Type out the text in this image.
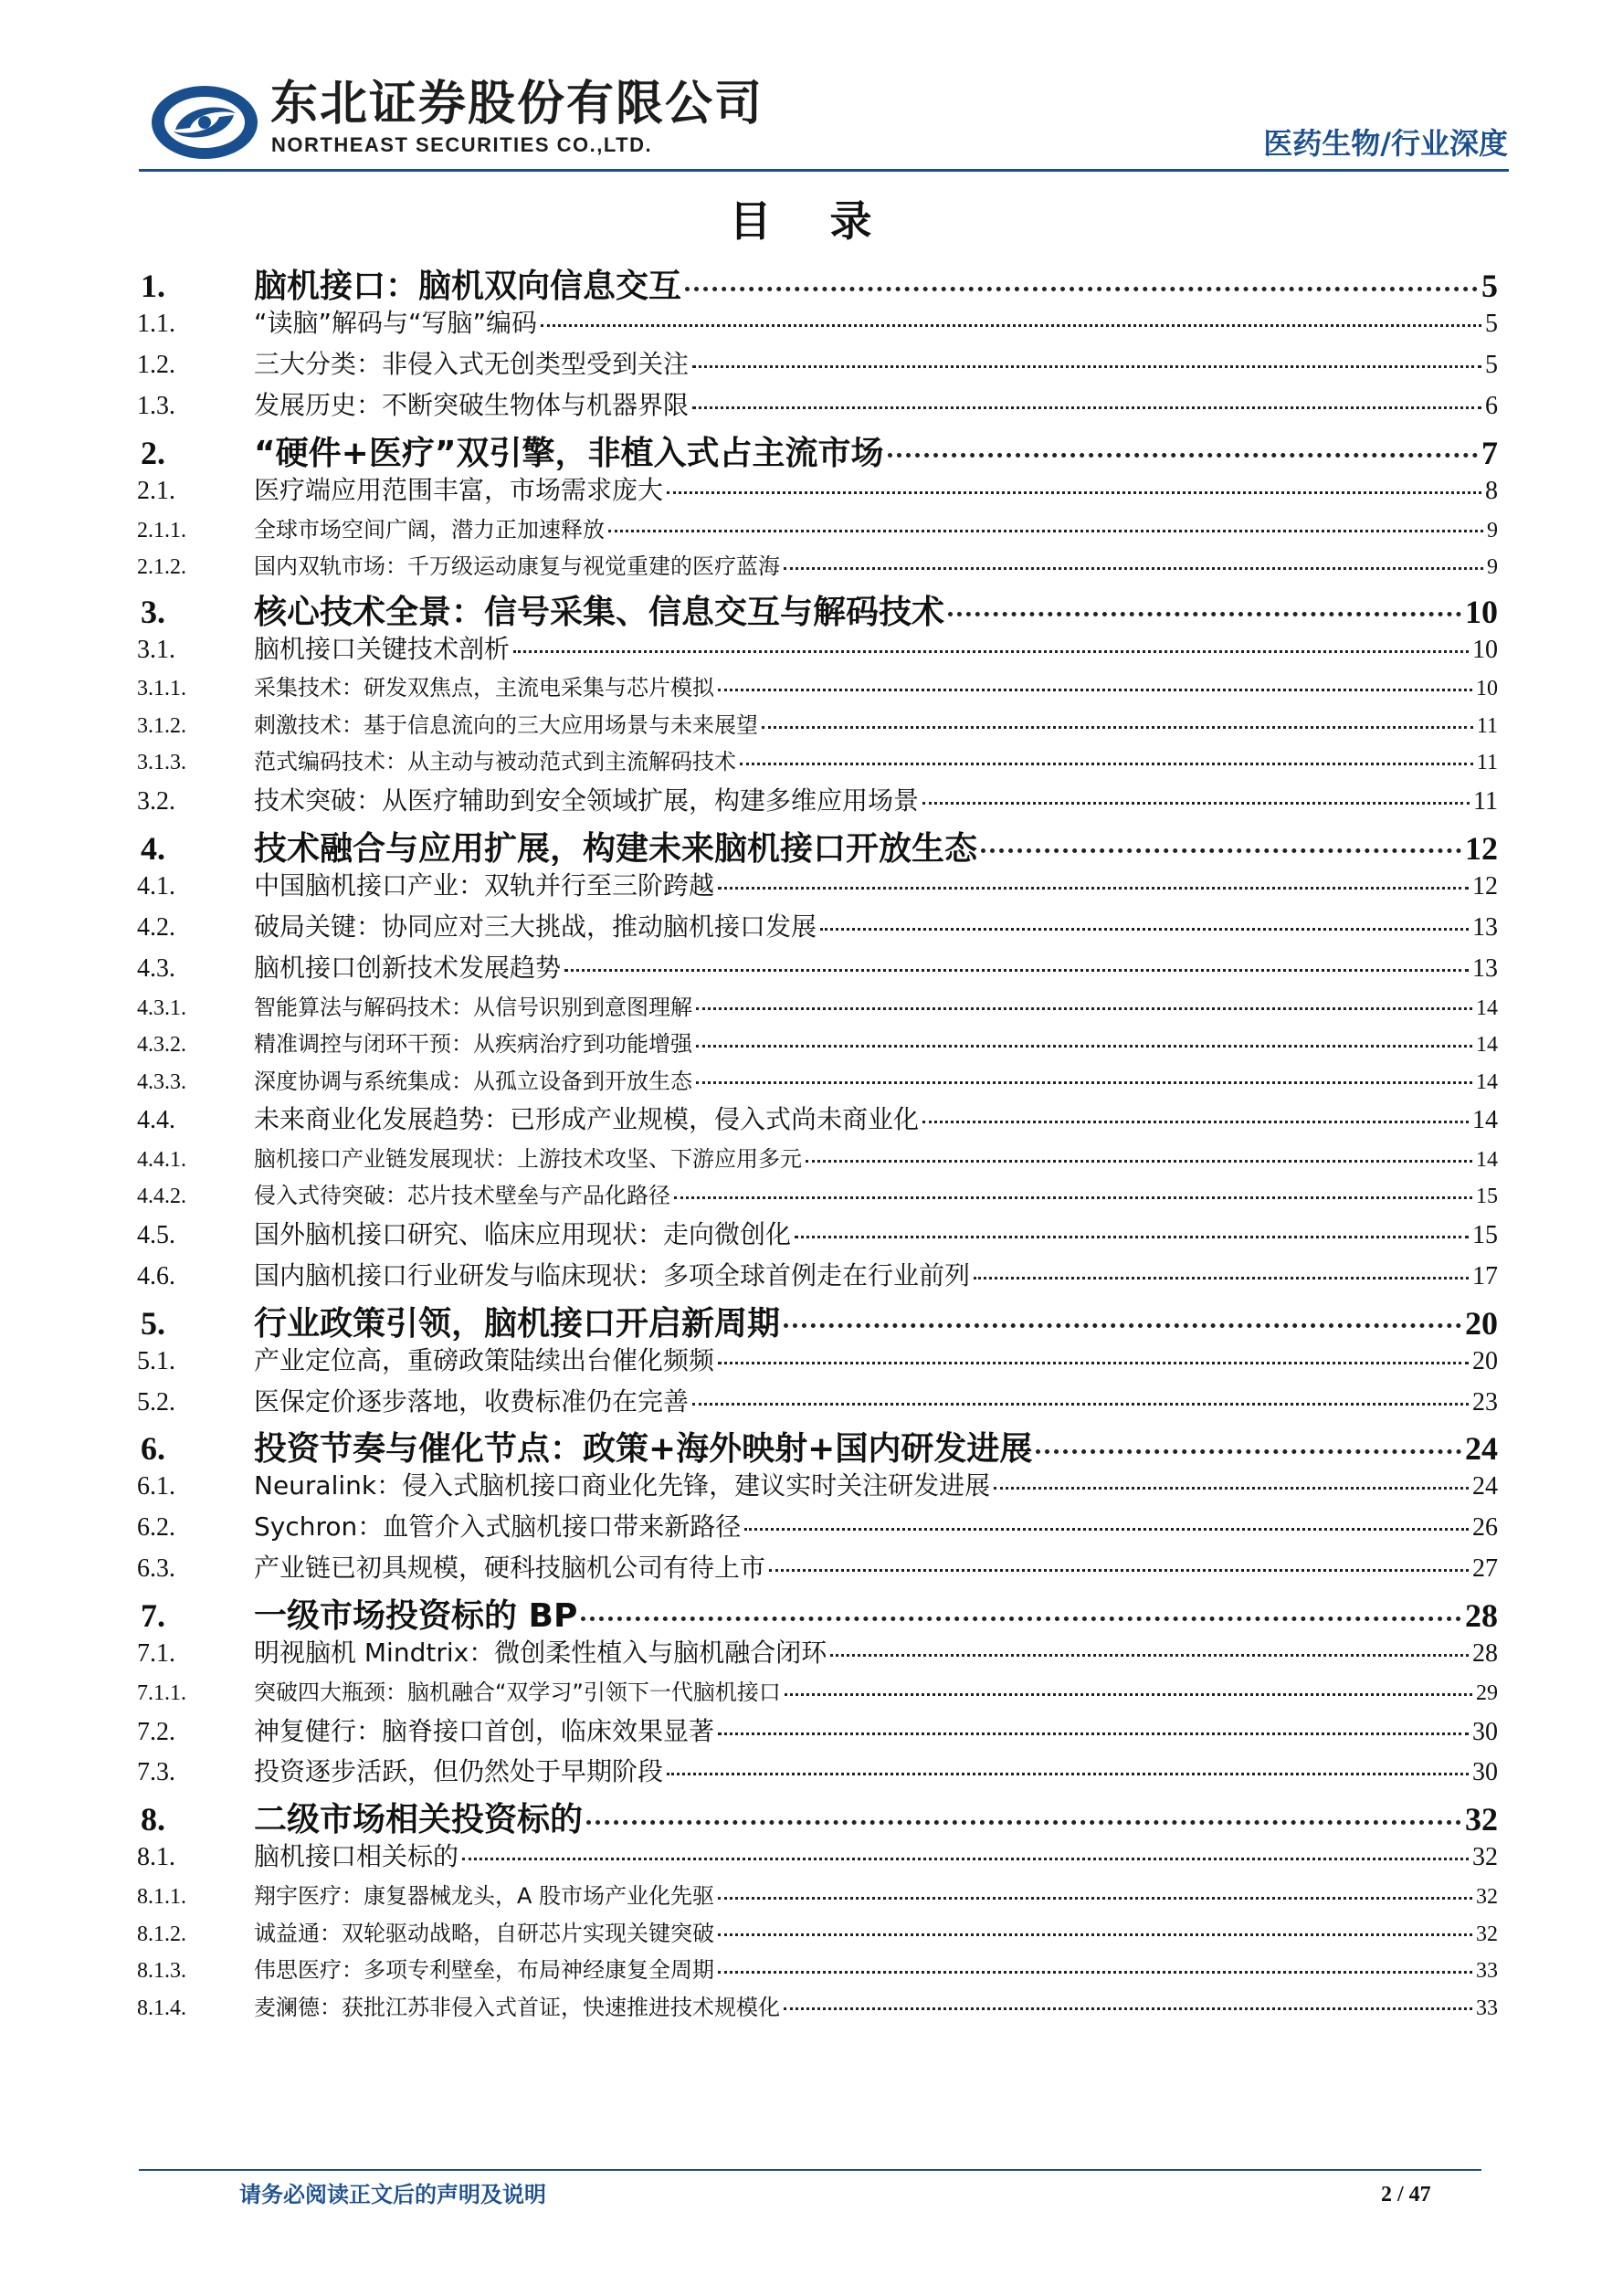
东北证券股份有限公司
NORTHEAST SECURITIES CO.,LTD.	医药生物/行业深度
目 录
1.	脑机接口：脑机双向信息交互	5
1.1.	“读脑”解码与“写脑”编码	5
1.2.	三大分类：非侵入式无创类型受到关注	5
1.3.	发展历史：不断突破生物体与机器界限	6
2.	“硬件+医疗”双引擎，非植入式占主流市场	7
2.1.	医疗端应用范围丰富，市场需求庞大	8
2.1.1.	全球市场空间广阔，潜力正加速释放	9
2.1.2.	国内双轨市场：千万级运动康复与视觉重建的医疗蓝海	9
3.	核心技术全景：信号采集、信息交互与解码技术	10
3.1.	脑机接口关键技术剖析	10
3.1.1.	采集技术：研发双焦点，主流电采集与芯片模拟	10
3.1.2.	刺激技术：基于信息流向的三大应用场景与未来展望	11
3.1.3.	范式编码技术：从主动与被动范式到主流解码技术	11
3.2.	技术突破：从医疗辅助到安全领域扩展，构建多维应用场景	11
4.	技术融合与应用扩展，构建未来脑机接口开放生态	12
4.1.	中国脑机接口产业：双轨并行至三阶跨越	12
4.2.	破局关键：协同应对三大挑战，推动脑机接口发展	13
4.3.	脑机接口创新技术发展趋势	13
4.3.1.	智能算法与解码技术：从信号识别到意图理解	14
4.3.2.	精准调控与闭环干预：从疾病治疗到功能增强	14
4.3.3.	深度协调与系统集成：从孤立设备到开放生态	14
4.4.	未来商业化发展趋势：已形成产业规模，侵入式尚未商业化	14
4.4.1.	脑机接口产业链发展现状：上游技术攻坚、下游应用多元	14
4.4.2.	侵入式待突破：芯片技术壁垒与产品化路径	15
4.5.	国外脑机接口研究、临床应用现状：走向微创化	15
4.6.	国内脑机接口行业研发与临床现状：多项全球首例走在行业前列	17
5.	行业政策引领，脑机接口开启新周期	20
5.1.	产业定位高，重磅政策陆续出台催化频频	20
5.2.	医保定价逐步落地，收费标准仍在完善	23
6.	投资节奏与催化节点：政策+海外映射+国内研发进展	24
6.1.	Neuralink：侵入式脑机接口商业化先锋，建议实时关注研发进展	24
6.2.	Sychron：血管介入式脑机接口带来新路径	26
6.3.	产业链已初具规模，硬科技脑机公司有待上市	27
7.	一级市场投资标的 BP	28
7.1.	明视脑机 Mindtrix：微创柔性植入与脑机融合闭环	28
7.1.1.	突破四大瓶颈：脑机融合“双学习”引领下一代脑机接口	29
7.2.	神复健行：脑脊接口首创，临床效果显著	30
7.3.	投资逐步活跃，但仍然处于早期阶段	30
8.	二级市场相关投资标的	32
8.1.	脑机接口相关标的	32
8.1.1.	翔宇医疗：康复器械龙头，A 股市场产业化先驱	32
8.1.2.	诚益通：双轮驱动战略，自研芯片实现关键突破	32
8.1.3.	伟思医疗：多项专利壁垒，布局神经康复全周期	33
8.1.4.	麦澜德：获批江苏非侵入式首证，快速推进技术规模化	33
请务必阅读正文后的声明及说明	2 / 47
